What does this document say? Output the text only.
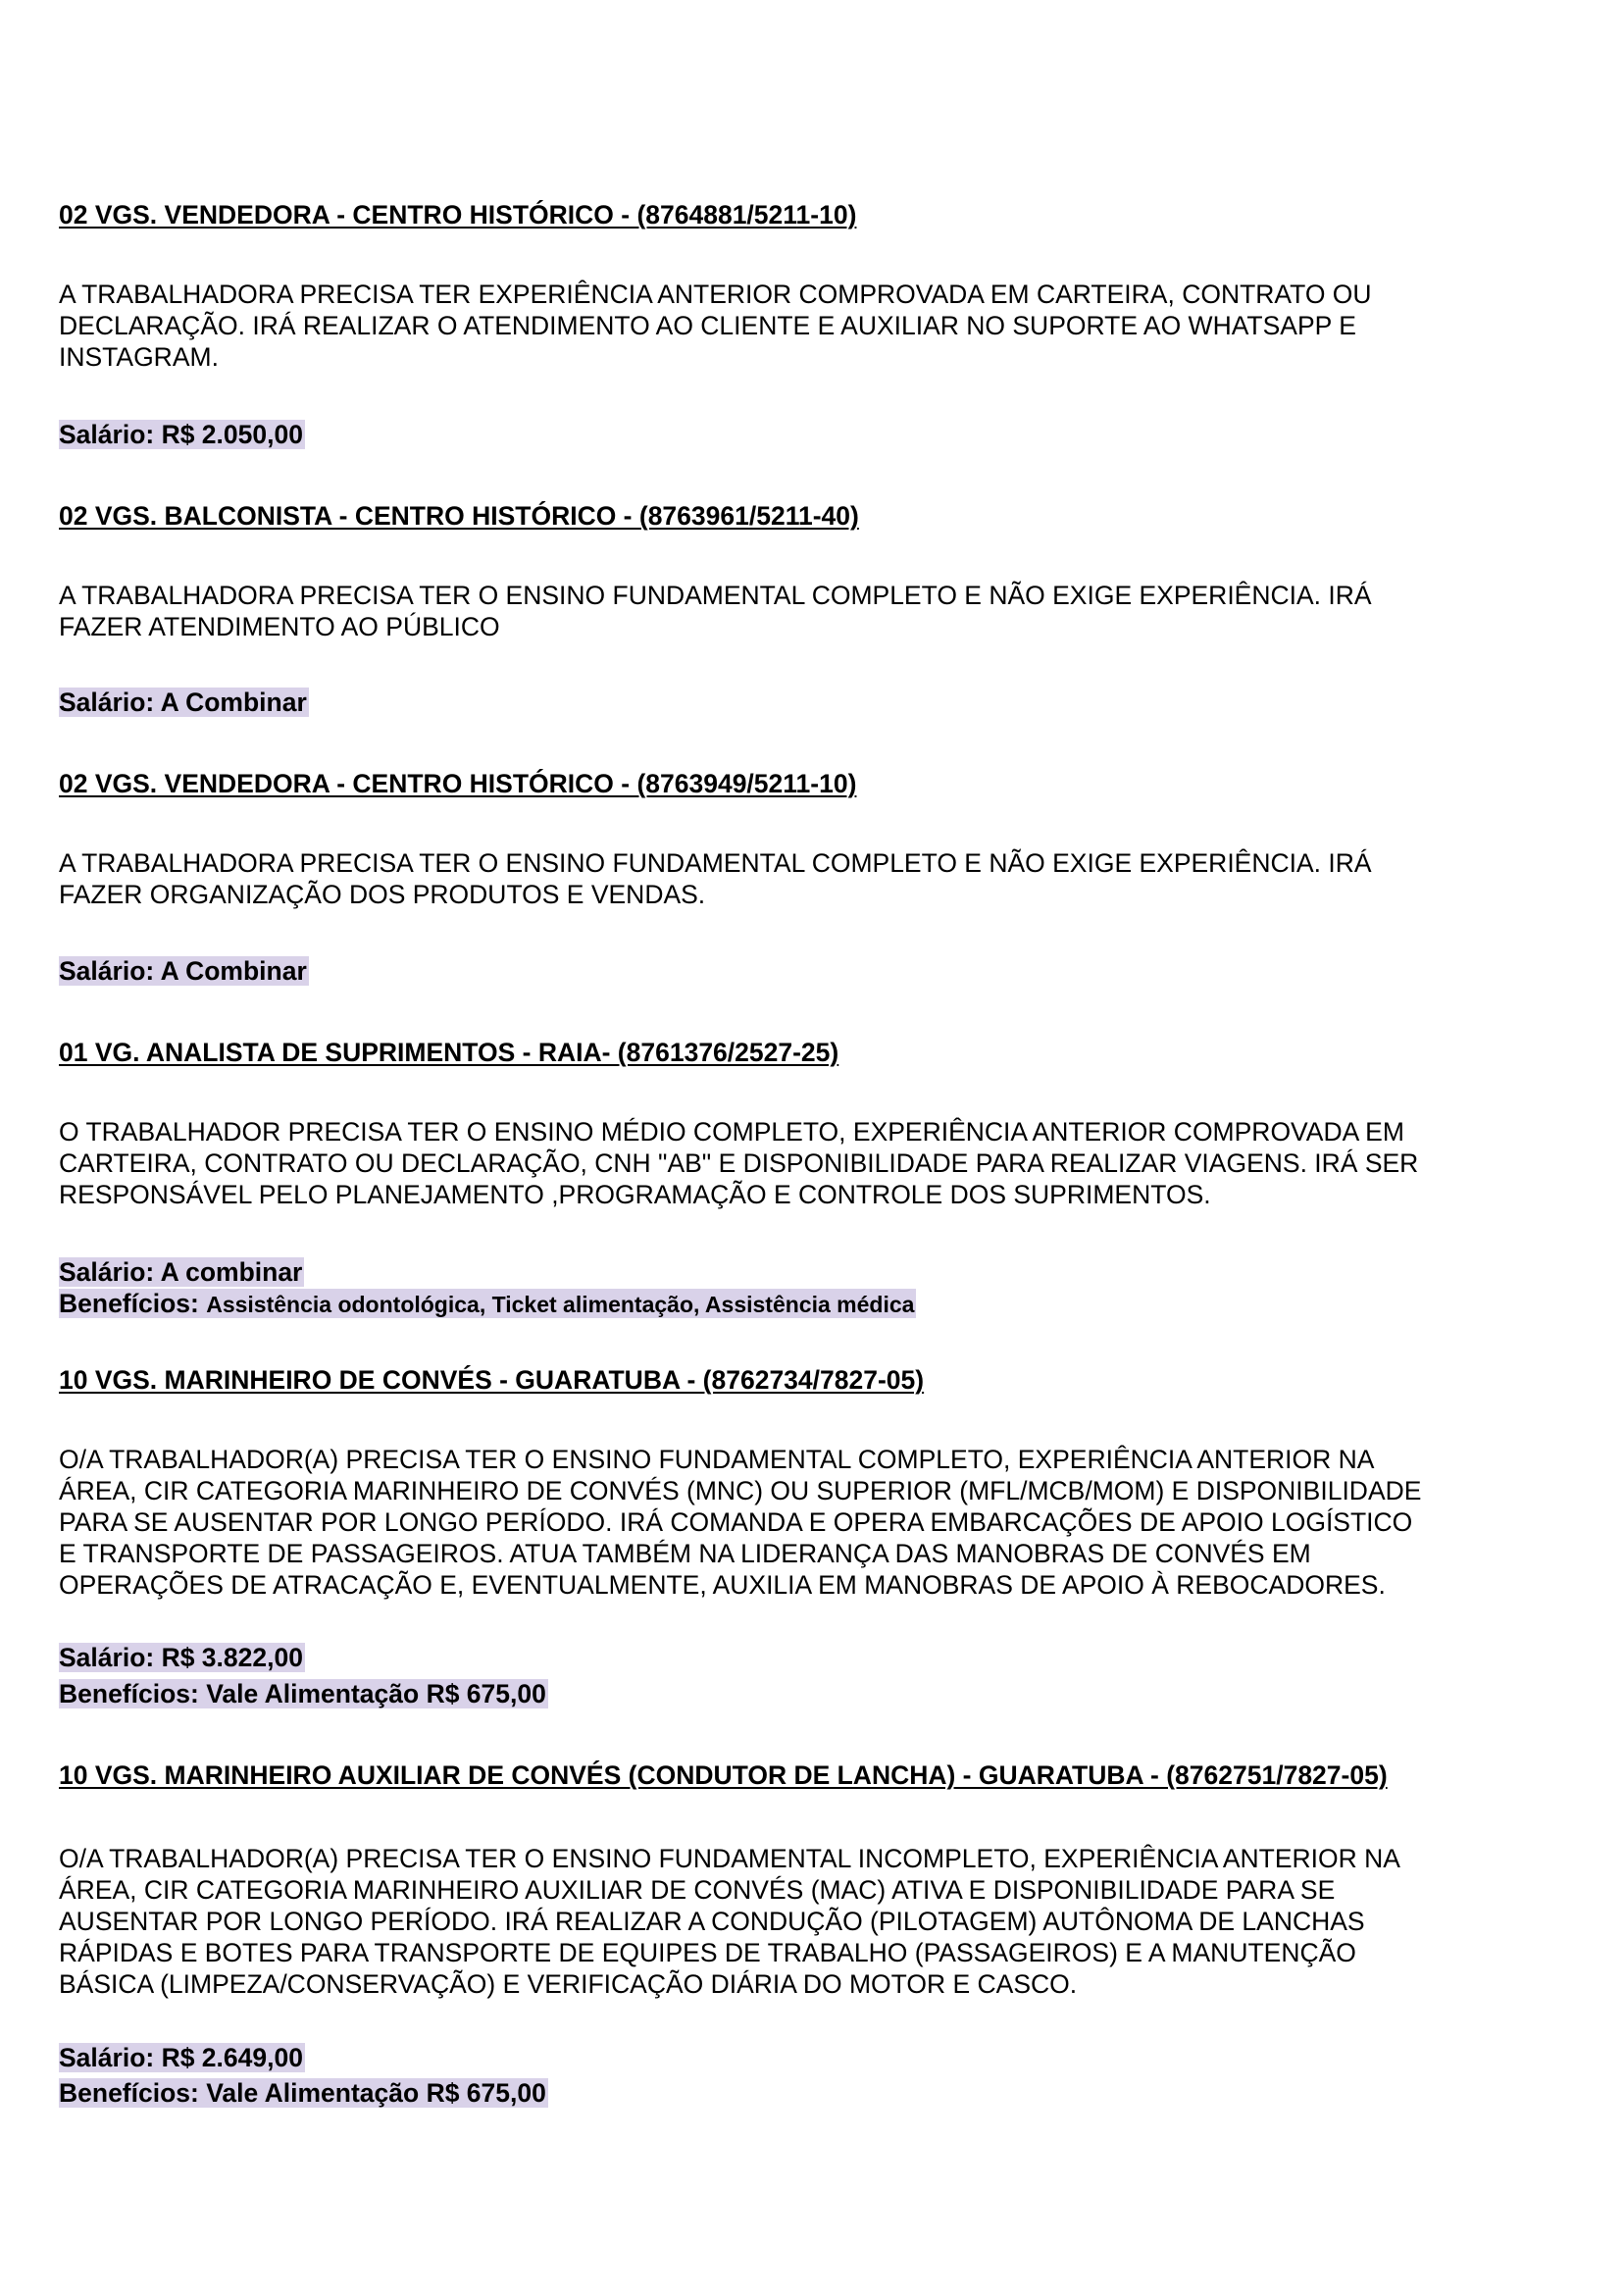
02 VGS. VENDEDORA - CENTRO HISTÓRICO - (8764881/5211-10)

A TRABALHADORA PRECISA TER EXPERIÊNCIA ANTERIOR COMPROVADA EM CARTEIRA, CONTRATO OU

DECLARAÇÃO. IRÁ REALIZAR O ATENDIMENTO AO CLIENTE E AUXILIAR NO SUPORTE AO WHATSAPP E

INSTAGRAM.

Salário: R$ 2.050,00

02 VGS. BALCONISTA - CENTRO HISTÓRICO - (8763961/5211-40)

A TRABALHADORA PRECISA TER O ENSINO FUNDAMENTAL COMPLETO E NÃO EXIGE EXPERIÊNCIA. IRÁ

FAZER ATENDIMENTO AO PÚBLICO

Salário: A Combinar

02 VGS. VENDEDORA - CENTRO HISTÓRICO - (8763949/5211-10)

A TRABALHADORA PRECISA TER O ENSINO FUNDAMENTAL COMPLETO E NÃO EXIGE EXPERIÊNCIA. IRÁ

FAZER ORGANIZAÇÃO DOS PRODUTOS E VENDAS.

Salário: A Combinar

01 VG. ANALISTA DE SUPRIMENTOS - RAIA- (8761376/2527-25)

O TRABALHADOR PRECISA TER O ENSINO MÉDIO COMPLETO, EXPERIÊNCIA ANTERIOR COMPROVADA EM

CARTEIRA, CONTRATO OU DECLARAÇÃO, CNH "AB" E DISPONIBILIDADE PARA REALIZAR VIAGENS. IRÁ SER

RESPONSÁVEL PELO PLANEJAMENTO ,PROGRAMAÇÃO E CONTROLE DOS SUPRIMENTOS.

Salário: A combinar

Benefícios: Assistência odontológica, Ticket alimentação, Assistência médica

10 VGS. MARINHEIRO DE CONVÉS - GUARATUBA - (8762734/7827-05)

O/A TRABALHADOR(A) PRECISA TER O ENSINO FUNDAMENTAL COMPLETO, EXPERIÊNCIA ANTERIOR NA

ÁREA, CIR CATEGORIA MARINHEIRO DE CONVÉS (MNC) OU SUPERIOR (MFL/MCB/MOM) E DISPONIBILIDADE

PARA SE AUSENTAR POR LONGO PERÍODO. IRÁ COMANDA E OPERA EMBARCAÇÕES DE APOIO LOGÍSTICO

E TRANSPORTE DE PASSAGEIROS. ATUA TAMBÉM NA LIDERANÇA DAS MANOBRAS DE CONVÉS EM

OPERAÇÕES DE ATRACAÇÃO E, EVENTUALMENTE, AUXILIA EM MANOBRAS DE APOIO À REBOCADORES.

Salário: R$ 3.822,00

Benefícios: Vale Alimentação R$ 675,00

10 VGS. MARINHEIRO AUXILIAR DE CONVÉS (CONDUTOR DE LANCHA) - GUARATUBA - (8762751/7827-05)

O/A TRABALHADOR(A) PRECISA TER O ENSINO FUNDAMENTAL INCOMPLETO, EXPERIÊNCIA ANTERIOR NA

ÁREA, CIR CATEGORIA MARINHEIRO AUXILIAR DE CONVÉS (MAC) ATIVA E DISPONIBILIDADE PARA SE

AUSENTAR POR LONGO PERÍODO. IRÁ REALIZAR A CONDUÇÃO (PILOTAGEM) AUTÔNOMA DE LANCHAS

RÁPIDAS E BOTES PARA TRANSPORTE DE EQUIPES DE TRABALHO (PASSAGEIROS) E A MANUTENÇÃO

BÁSICA (LIMPEZA/CONSERVAÇÃO) E VERIFICAÇÃO DIÁRIA DO MOTOR E CASCO.

Salário: R$ 2.649,00

Benefícios: Vale Alimentação R$ 675,00
